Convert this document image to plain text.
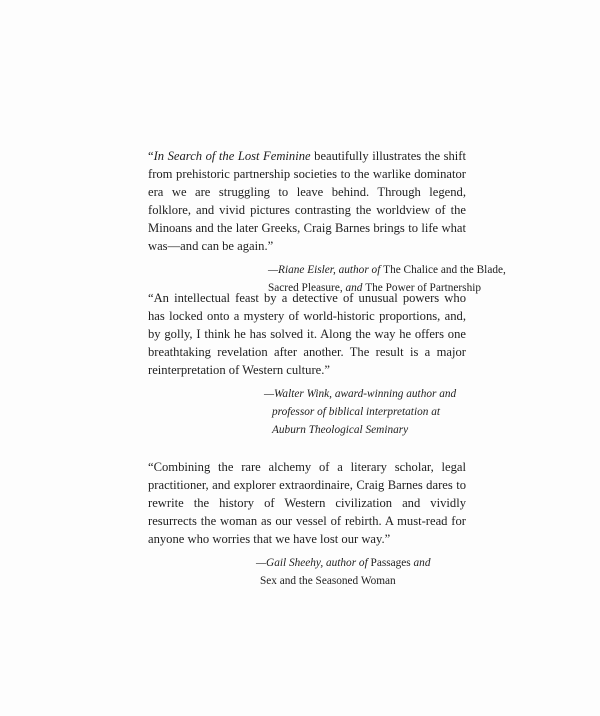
“In Search of the Lost Feminine beautifully illustrates the shift from prehistoric partnership societies to the warlike dominator era we are struggling to leave behind. Through legend, folklore, and vivid pictures contrasting the worldview of the Minoans and the later Greeks, Craig Barnes brings to life what was—and can be again.”

—Riane Eisler, author of The Chalice and the Blade,
Sacred Pleasure, and The Power of Partnership

“An intellectual feast by a detective of unusual powers who has locked onto a mystery of world-historic proportions, and, by golly, I think he has solved it. Along the way he offers one breathtaking revelation after another. The result is a major reinterpretation of Western culture.”

—Walter Wink, award-winning author and
professor of biblical interpretation at
Auburn Theological Seminary

“Combining the rare alchemy of a literary scholar, legal practitioner, and explorer extraordinaire, Craig Barnes dares to rewrite the history of Western civilization and vividly resurrects the woman as our vessel of rebirth. A must-read for anyone who worries that we have lost our way.”

—Gail Sheehy, author of Passages and
Sex and the Seasoned Woman
